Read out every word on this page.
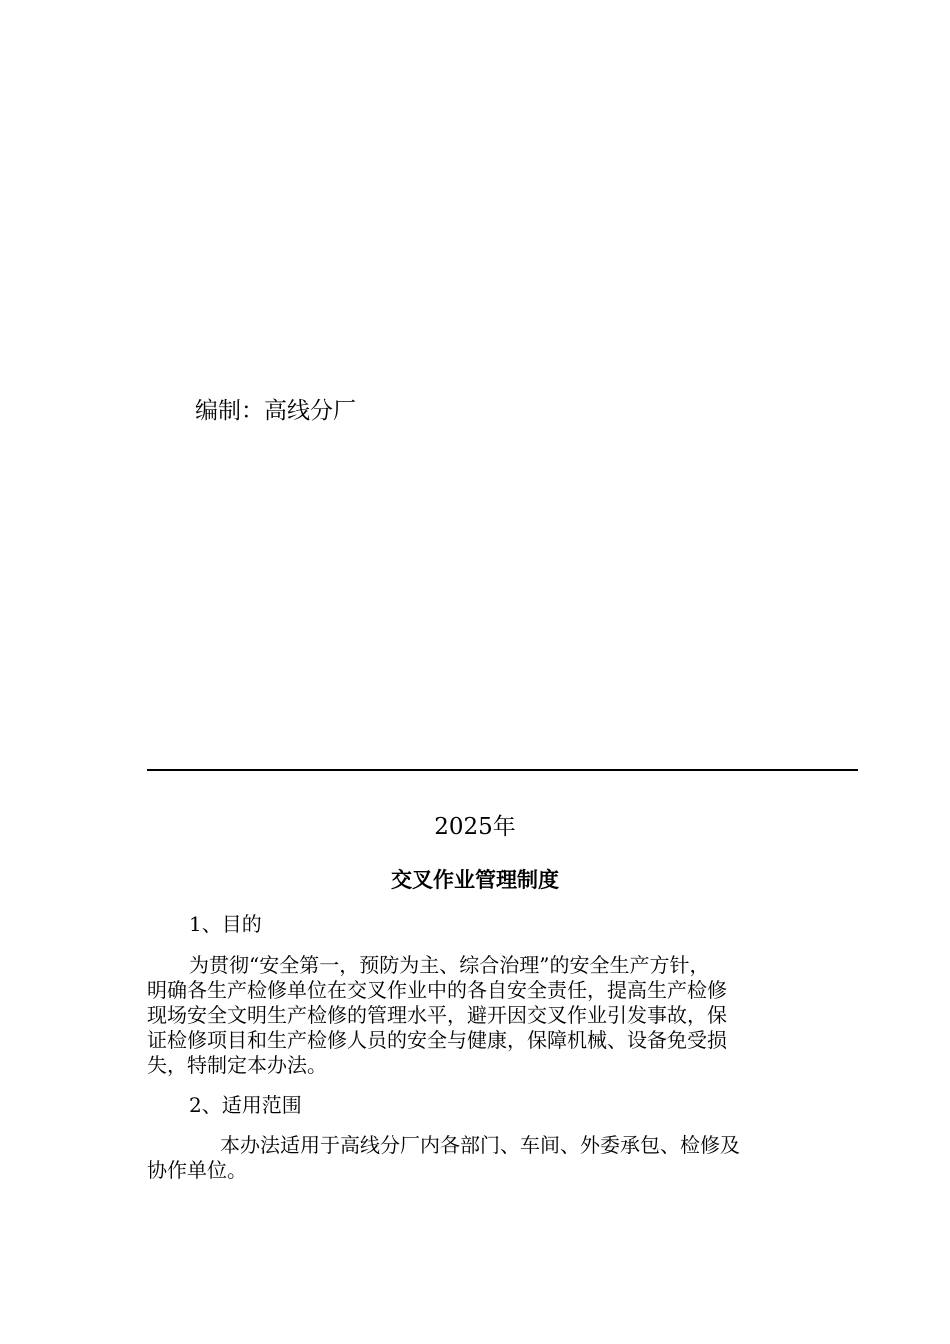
编制：高线分厂
2025年
交叉作业管理制度
1、目的
为贯彻“安全第一，预防为主、综合治理”的安全生产方针，
明确各生产检修单位在交叉作业中的各自安全责任，提高生产检修
现场安全文明生产检修的管理水平，避开因交叉作业引发事故，保
证检修项目和生产检修人员的安全与健康，保障机械、设备免受损
失，特制定本办法。
2、适用范围
本办法适用于高线分厂内各部门、车间、外委承包、检修及
协作单位。
